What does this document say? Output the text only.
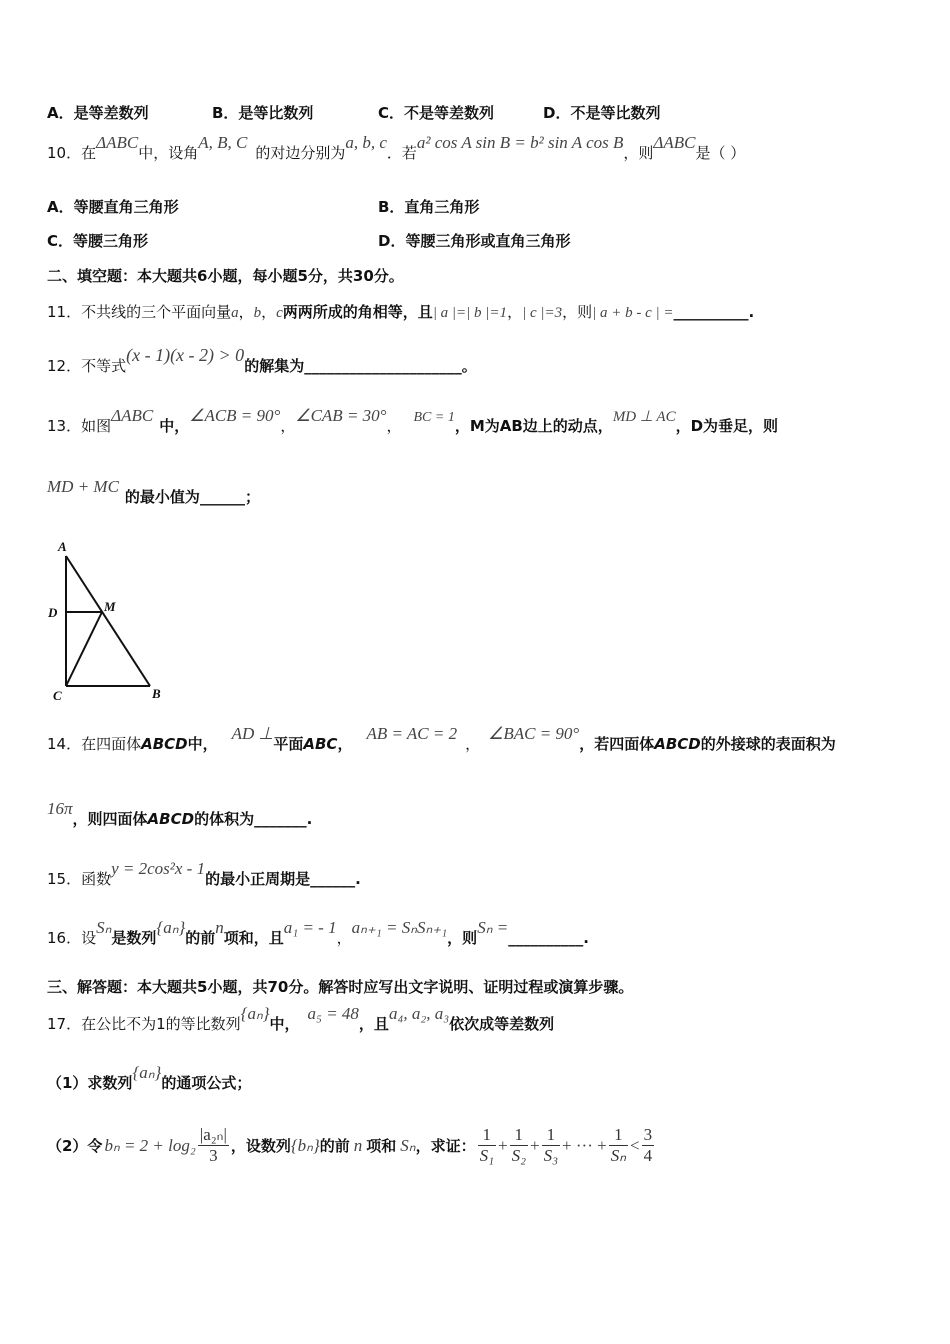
A．是等差数列	B．是等比数列	C．不是等差数列	D．不是等比数列
10．在ΔABC中，设角A, B, C的对边分别为a, b, c．若a² cos A sin B = b² sin A cos B，则ΔABC是（ ）
A．等腰直角三角形	B．直角三角形
C．等腰三角形	D．等腰三角形或直角三角形
二、填空题：本大题共6小题，每小题5分，共30分。
11．不共线的三个平面向量a，b，c两两所成的角相等，且| a |=| b |=1，| c |=3，则| a + b - c | =__________.
12．不等式(x - 1)(x - 2) > 0的解集为_____________________。
13．如图ΔABC中，∠ACB = 90°，∠CAB = 30°， BC = 1，M为AB边上的动点，MD ⊥ AC，D为垂足，则
MD + MC的最小值为______；
A
D	M
C	B
14．在四面体ABCD中，AD ⊥平面ABC，AB = AC = 2，∠BAC = 90°，若四面体ABCD的外接球的表面积为
16π，则四面体ABCD的体积为_______.
15．函数y = 2cos²x - 1的最小正周期是______.
16．设Sₙ是数列{aₙ}的前n项和，且a₁ = - 1，aₙ₊₁ = SₙSₙ₊₁，则Sₙ =__________.
三、解答题：本大题共5小题，共70分。解答时应写出文字说明、证明过程或演算步骤。
17．在公比不为1的等比数列{aₙ}中，a₅ = 48，且a₄, a₂, a₃依次成等差数列
（1）求数列{aₙ}的通项公式；
（2）令 $b_n = 2 + \log_2 \frac{\text{|a₂ₙ|}}{3}$ ，设数列 {bₙ} 的前 n 项和 Sₙ ，求证： $\frac{1}{\text{S₁}} + \frac{1}{\text{S₂}} + \frac{1}{\text{S₃}}$ + ··· + $\frac{1}{\text{Sₙ}} < \frac{3}{4}$
